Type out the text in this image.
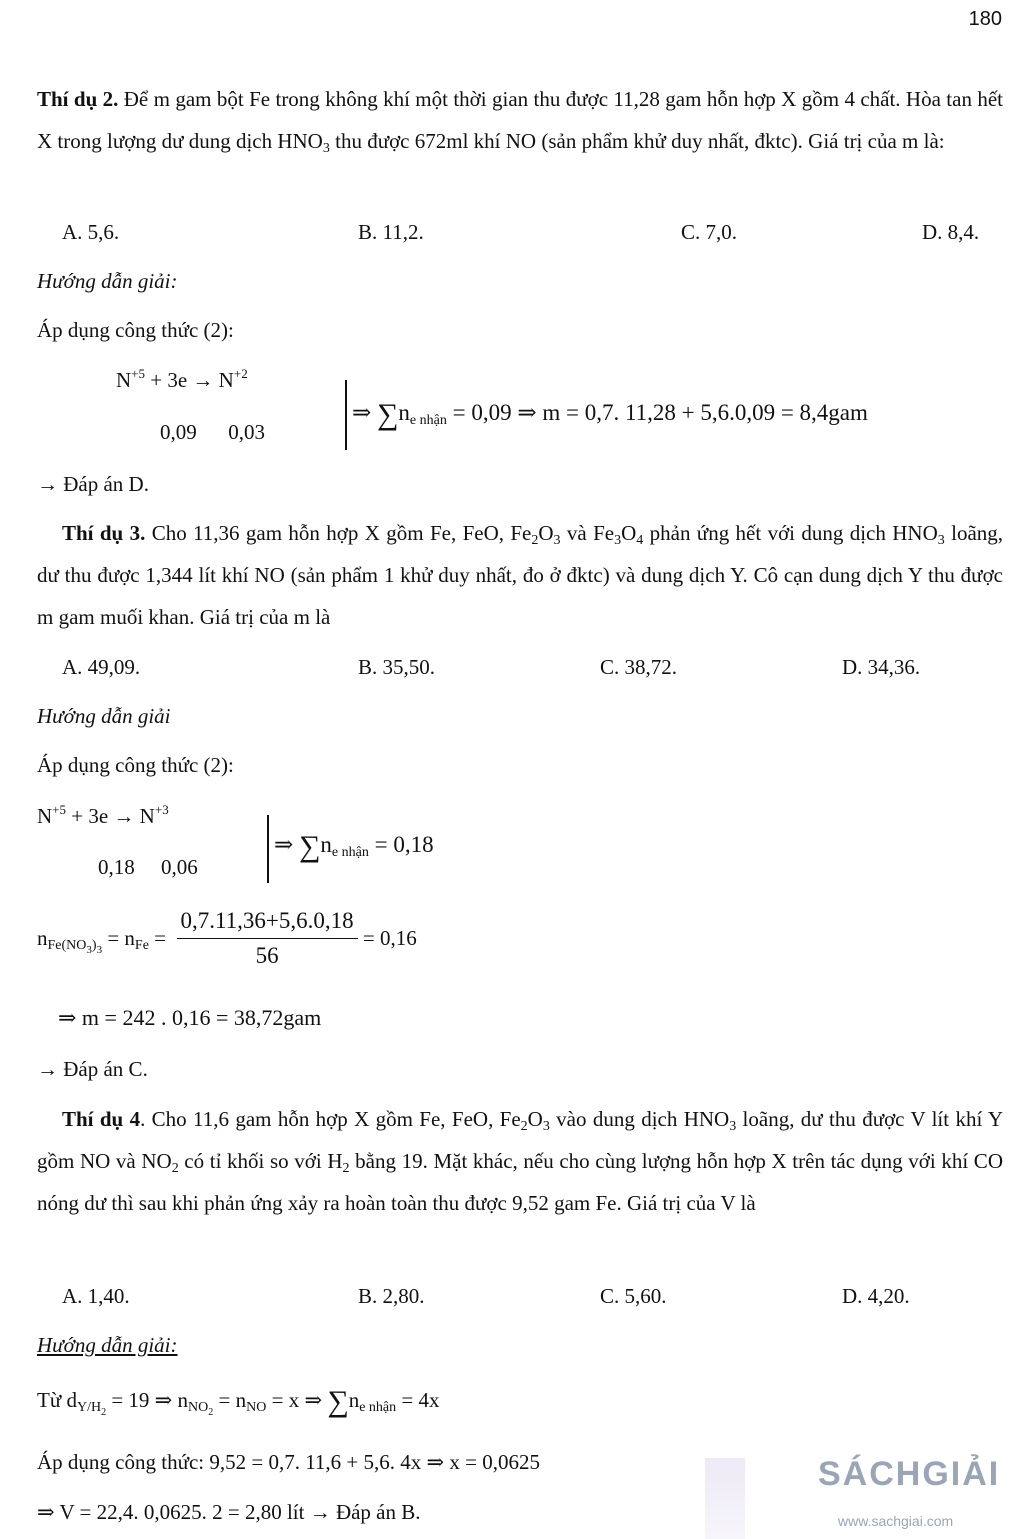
180
Thí dụ 2. Để m gam bột Fe trong không khí một thời gian thu được 11,28 gam hỗn hợp X gồm 4 chất. Hòa tan hết X trong lượng dư dung dịch $HNO_3$ thu được 672ml khí NO (sản phẩm khử duy nhất, đktc). Giá trị của m là:
A. 5,6.	B. 11,2.	C. 7,0.	D. 8,4.
Hướng dẫn giải:
Áp dụng công thức (2):
$N^{+5} + 3e \to N^{+2}$
0,09      0,03
⇒ $\sum n_{e nhận} = 0,09$ ⇒ m = 0,7. 11,28 + 5,6.0,09 = 8,4gam
→ Đáp án D.
Thí dụ 3. Cho 11,36 gam hỗn hợp X gồm Fe, FeO, $Fe_2O_3$ và $Fe_3O_4$ phản ứng hết với dung dịch $HNO_3$ loãng, dư thu được 1,344 lít khí NO (sản phẩm 1 khử duy nhất, đo ở đktc) và dung dịch Y. Cô cạn dung dịch Y thu được m gam muối khan. Giá trị của m là
A. 49,09.	B. 35,50.	C. 38,72.	D. 34,36.
Hướng dẫn giải
Áp dụng công thức (2):
$N^{+5} + 3e \to N^{+3}$
0,18     0,06
⇒ $\sum n_{e nhận} = 0,18$
$n_{Fe(NO_3)_3} = n_{Fe} = \frac{0,7.11,36+5,6.0,18}{56} = 0,16$
⇒ m = 242 . 0,16 = 38,72gam
→ Đáp án C.
Thí dụ 4. Cho 11,6 gam hỗn hợp X gồm Fe, FeO, $Fe_2O_3$ vào dung dịch $HNO_3$ loãng, dư thu được V lít khí Y gồm NO và $NO_2$ có tỉ khối so với $H_2$ bằng 19. Mặt khác, nếu cho cùng lượng hỗn hợp X trên tác dụng với khí CO nóng dư thì sau khi phản ứng xảy ra hoàn toàn thu được 9,52 gam Fe. Giá trị của V là
A. 1,40.	B. 2,80.	C. 5,60.	D. 4,20.
Hướng dẫn giải:
Từ $d_{Y/H_2} = 19$ ⇒ $n_{NO_2} = n_{NO} = x$ ⇒ $\sum n_{e nhận} = 4x$
Áp dụng công thức: 9,52 = 0,7. 11,6 + 5,6. 4x ⇒ x = 0,0625
⇒ V = 22,4. 0,0625. 2 = 2,80 lít → Đáp án B.
SÁCHGIẢI
www.sachgiai.com
